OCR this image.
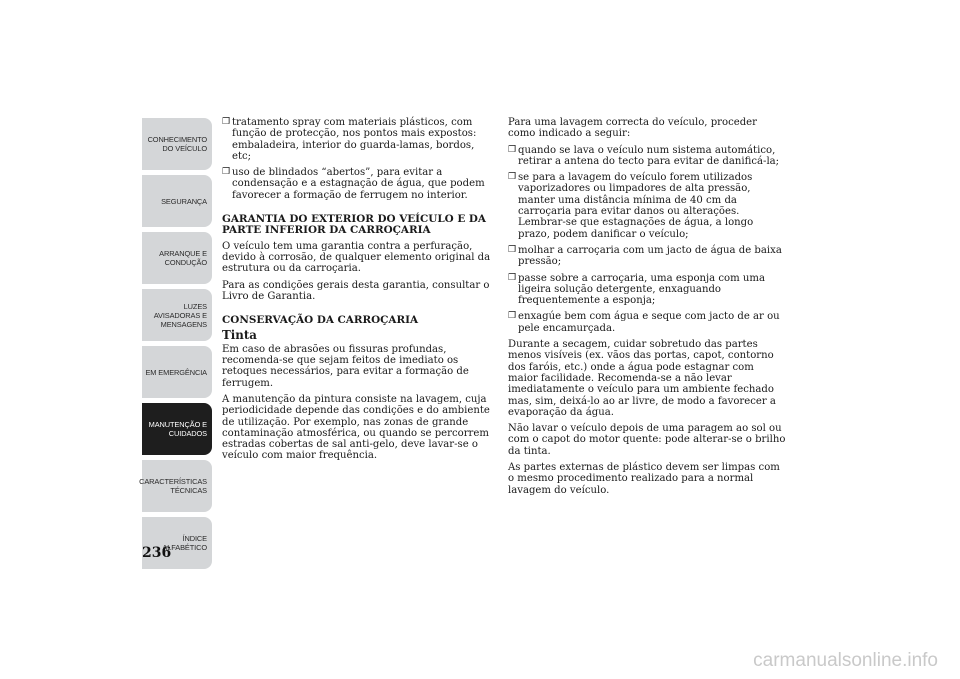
CONHECIMENTO
DO VEÍCULO
SEGURANÇA
ARRANQUE E
CONDUÇÃO
LUZES
AVISADORAS E
MENSAGENS
EM EMERGÊNCIA
MANUTENÇÃO E
CUIDADOS
CARACTERÍSTICAS
TÉCNICAS
ÍNDICE
ALFABÉTICO
236
❒ tratamento spray com materiais plásticos, com função de protecção, nos pontos mais expostos: embaladeira, interior do guarda-lamas, bordos, etc;
❒ uso de blindados “abertos”, para evitar a condensação e a estagnação de água, que podem favorecer a formação de ferrugem no interior.
GARANTIA DO EXTERIOR DO VEÍCULO E DA PARTE INFERIOR DA CARROÇARIA

O veículo tem uma garantia contra a perfuração, devido à corrosão, de qualquer elemento original da estrutura ou da carroçaria.

Para as condições gerais desta garantia, consultar o Livro de Garantia.

CONSERVAÇÃO DA CARROÇARIA
Tinta

Em caso de abrasões ou fissuras profundas, recomenda-se que sejam feitos de imediato os retoques necessários, para evitar a formação de ferrugem.

A manutenção da pintura consiste na lavagem, cuja periodicidade depende das condições e do ambiente de utilização. Por exemplo, nas zonas de grande contaminação atmosférica, ou quando se percorrem estradas cobertas de sal anti-gelo, deve lavar-se o veículo com maior frequência.

Para uma lavagem correcta do veículo, proceder como indicado a seguir:

❒ quando se lava o veículo num sistema automático, retirar a antena do tecto para evitar de danificá-la;
❒ se para a lavagem do veículo forem utilizados vaporizadores ou limpadores de alta pressão, manter uma distância mínima de 40 cm da carroçaria para evitar danos ou alterações. Lembrar-se que estagnações de água, a longo prazo, podem danificar o veículo;
❒ molhar a carroçaria com um jacto de água de baixa pressão;
❒ passe sobre a carroçaria, uma esponja com uma ligeira solução detergente, enxaguando frequentemente a esponja;
❒ enxagúe bem com água e seque com jacto de ar ou pele encamurçada.

Durante a secagem, cuidar sobretudo das partes menos visíveis (ex. vãos das portas, capot, contorno dos faróis, etc.) onde a água pode estagnar com maior facilidade. Recomenda-se a não levar imediatamente o veículo para um ambiente fechado mas, sim, deixá-lo ao ar livre, de modo a favorecer a evaporação da água.

Não lavar o veículo depois de uma paragem ao sol ou com o capot do motor quente: pode alterar-se o brilho da tinta.

As partes externas de plástico devem ser limpas com o mesmo procedimento realizado para a normal lavagem do veículo.

carmanualsonline.info
